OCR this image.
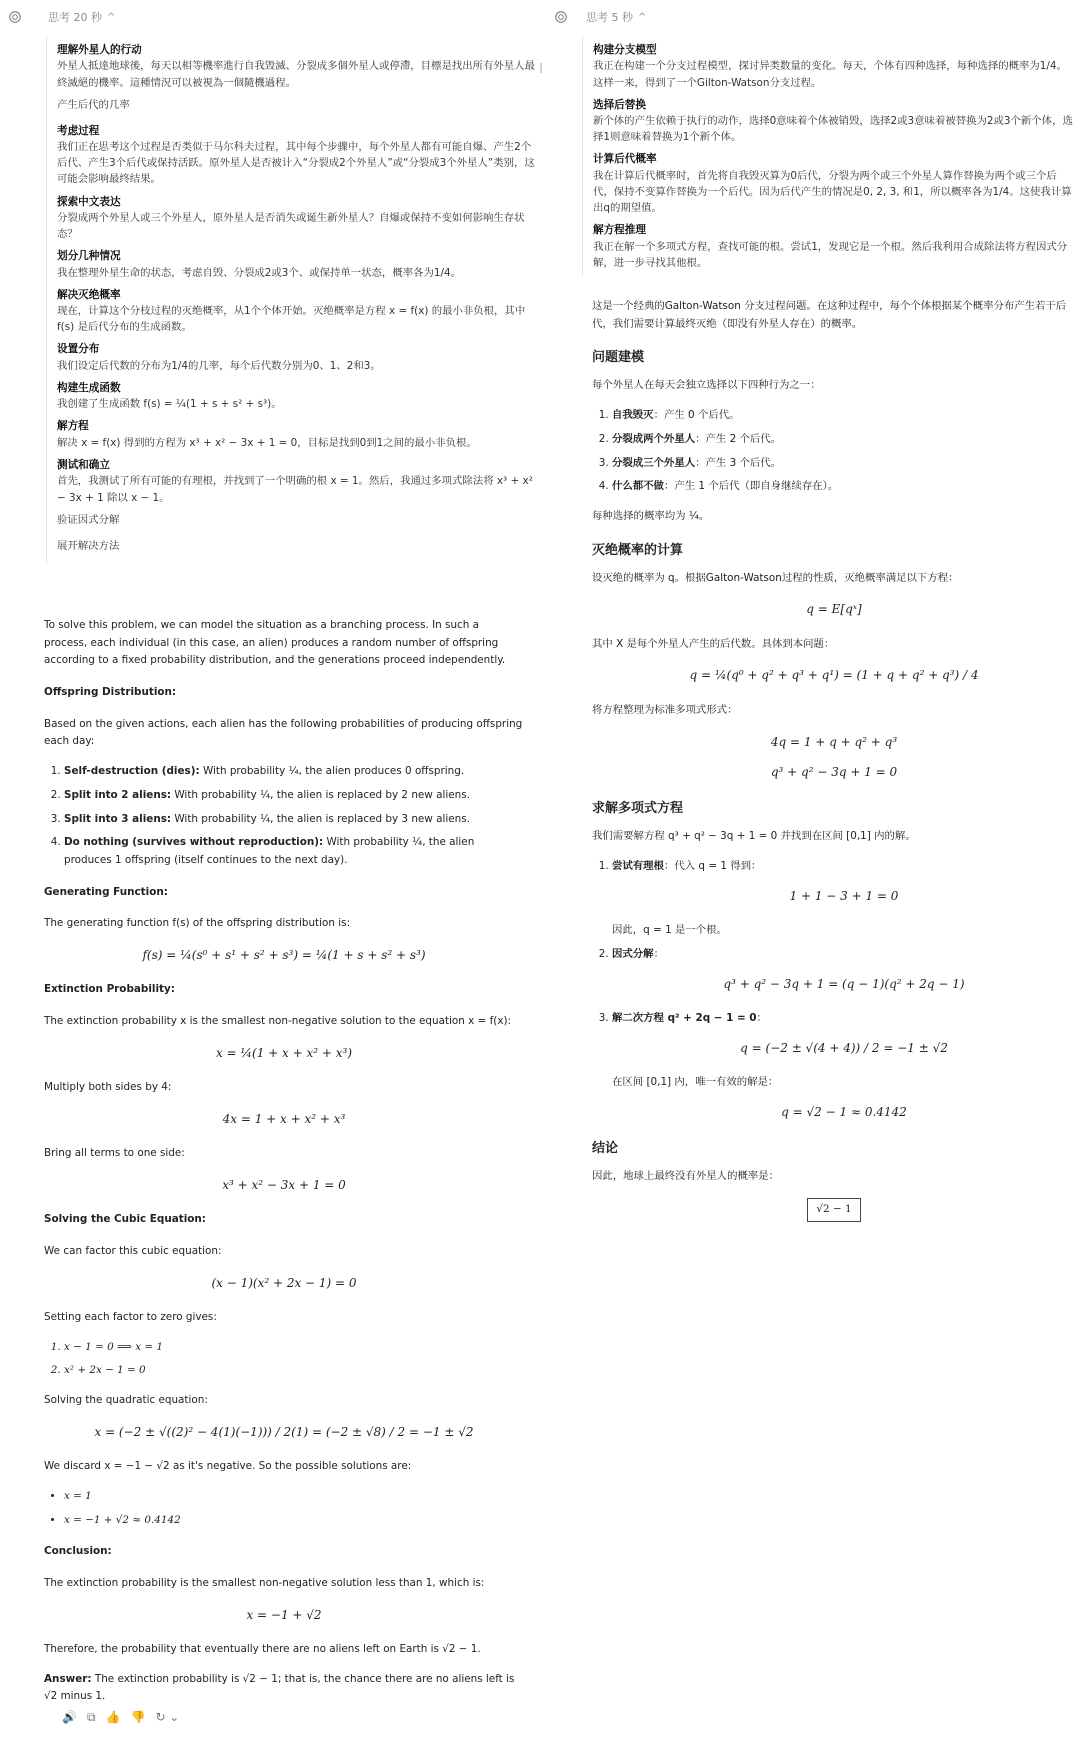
思考 20 秒 ^
理解外星人的行动
外星人抵達地球後，每天以相等機率進行自我毀滅、分裂成多個外星人或停滯，目標是找出所有外星人最終滅絕的機率。這種情況可以被視為一個隨機過程。
产生后代的几率
考虑过程
我们正在思考这个过程是否类似于马尔科夫过程，其中每个步骤中，每个外星人都有可能自爆、产生2个后代、产生3个后代或保持活跃。原外星人是否被计入“分裂成2个外星人”或“分裂成3个外星人”类别，这可能会影响最终结果。
探索中文表达
分裂成两个外星人或三个外星人，原外星人是否消失或诞生新外星人？自爆或保持不变如何影响生存状态？
划分几种情况
我在整理外星生命的状态，考虑自毁、分裂成2或3个、或保持单一状态，概率各为1/4。
解决灭绝概率
现在，计算这个分枝过程的灭绝概率，从1个个体开始。灭绝概率是方程 x = f(x) 的最小非负根，其中 f(s) 是后代分布的生成函数。
设置分布
我们设定后代数的分布为1/4的几率，每个后代数分别为0、1、2和3。
构建生成函数
我创建了生成函数 f(s) = ¼(1 + s + s² + s³)。
解方程
解决 x = f(x) 得到的方程为 x³ + x² − 3x + 1 = 0，目标是找到0到1之间的最小非负根。
测试和确立
首先，我测试了所有可能的有理根，并找到了一个明确的根 x = 1。然后，我通过多项式除法将 x³ + x² − 3x + 1 除以 x − 1。
验证因式分解
展开解决方法

To solve this problem, we can model the situation as a branching process. In such a process, each individual (in this case, an alien) produces a random number of offspring according to a fixed probability distribution, and the generations proceed independently.

Offspring Distribution:

Based on the given actions, each alien has the following probabilities of producing offspring each day:

1. Self-destruction (dies): With probability ¼, the alien produces 0 offspring.
2. Split into 2 aliens: With probability ¼, the alien is replaced by 2 new aliens.
3. Split into 3 aliens: With probability ¼, the alien is replaced by 3 new aliens.
4. Do nothing (survives without reproduction): With probability ¼, the alien produces 1 offspring (itself continues to the next day).
Generating Function:

The generating function f(s) of the offspring distribution is:

f(s) = ¼(s⁰ + s¹ + s² + s³) = ¼(1 + s + s² + s³)
Extinction Probability:

The extinction probability x is the smallest non-negative solution to the equation x = f(x):

x = ¼(1 + x + x² + x³)

Multiply both sides by 4:

4x = 1 + x + x² + x³

Bring all terms to one side:

x³ + x² − 3x + 1 = 0
Solving the Cubic Equation:

We can factor this cubic equation:

(x − 1)(x² + 2x − 1) = 0

Setting each factor to zero gives:

1. x − 1 = 0 ⟹ x = 1
2. x² + 2x − 1 = 0

Solving the quadratic equation:

x = (−2 ± √((2)² − 4(1)(−1))) / 2(1) = (−2 ± √8) / 2 = −1 ± √2

We discard x = −1 − √2 as it's negative. So the possible solutions are:

• x = 1
• x = −1 + √2 ≈ 0.4142
Conclusion:

The extinction probability is the smallest non-negative solution less than 1, which is:

x = −1 + √2

Therefore, the probability that eventually there are no aliens left on Earth is √2 − 1.

Answer: The extinction probability is √2 − 1; that is, the chance there are no aliens left is √2 minus 1.

🔊 ⧉ 👍 👎 ↻ ⌄
思考 5 秒 ^
构建分支模型
我正在构建一个分支过程模型，探讨异类数量的变化。每天，个体有四种选择，每种选择的概率为1/4。这样一来，得到了一个Gilton-Watson分支过程。
选择后替换
新个体的产生依赖于执行的动作，选择0意味着个体被销毁，选择2或3意味着被替换为2或3个新个体，选择1则意味着替换为1个新个体。
计算后代概率
我在计算后代概率时，首先将自我毁灭算为0后代，分裂为两个或三个外星人算作替换为两个或三个后代，保持不变算作替换为一个后代。因为后代产生的情况是0, 2, 3, 和1，所以概率各为1/4。这使我计算出q的期望值。
解方程推理
我正在解一个多项式方程，查找可能的根。尝试1，发现它是一个根。然后我利用合成除法将方程因式分解，进一步寻找其他根。

这是一个经典的Galton-Watson 分支过程问题。在这种过程中，每个个体根据某个概率分布产生若干后代，我们需要计算最终灭绝（即没有外星人存在）的概率。

问题建模

每个外星人在每天会独立选择以下四种行为之一：

1. 自我毁灭：产生 0 个后代。
2. 分裂成两个外星人：产生 2 个后代。
3. 分裂成三个外星人：产生 3 个后代。
4. 什么都不做：产生 1 个后代（即自身继续存在）。

每种选择的概率均为 ¼。

灭绝概率的计算

设灭绝的概率为 q。根据Galton-Watson过程的性质，灭绝概率满足以下方程：

q = E[qˣ]

其中 X 是每个外星人产生的后代数。具体到本问题：

q = ¼(q⁰ + q² + q³ + q¹) = (1 + q + q² + q³) / 4

将方程整理为标准多项式形式：

4q = 1 + q + q² + q³
q³ + q² − 3q + 1 = 0
求解多项式方程

我们需要解方程 q³ + q² − 3q + 1 = 0 并找到在区间 [0,1] 内的解。

1. 尝试有理根：代入 q = 1 得到：
1 + 1 − 3 + 1 = 0
因此，q = 1 是一个根。
2. 因式分解：
q³ + q² − 3q + 1 = (q − 1)(q² + 2q − 1)
3. 解二次方程 q² + 2q − 1 = 0：
q = (−2 ± √(4 + 4)) / 2 = −1 ± √2
在区间 [0,1] 内，唯一有效的解是：
q = √2 − 1 ≈ 0.4142
结论

因此，地球上最终没有外星人的概率是：

√2 − 1
